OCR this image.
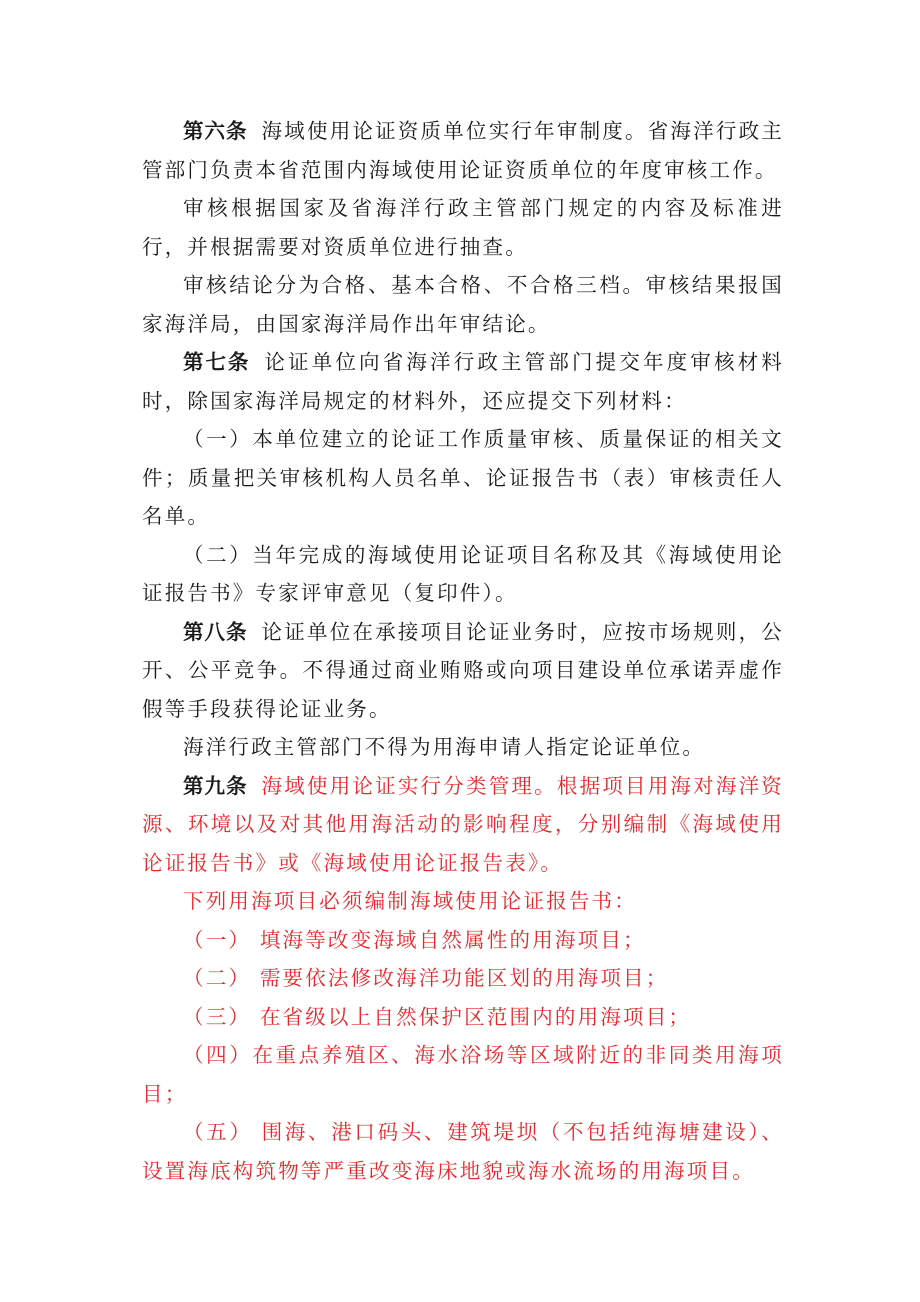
第六条 海域使用论证资质单位实行年审制度。省海洋行政主管部门负责本省范围内海域使用论证资质单位的年度审核工作。

审核根据国家及省海洋行政主管部门规定的内容及标准进行，并根据需要对资质单位进行抽查。

审核结论分为合格、基本合格、不合格三档。审核结果报国家海洋局，由国家海洋局作出年审结论。

第七条 论证单位向省海洋行政主管部门提交年度审核材料时，除国家海洋局规定的材料外，还应提交下列材料：

（一）本单位建立的论证工作质量审核、质量保证的相关文件；质量把关审核机构人员名单、论证报告书（表）审核责任人名单。

（二）当年完成的海域使用论证项目名称及其《海域使用论证报告书》专家评审意见（复印件）。

第八条 论证单位在承接项目论证业务时，应按市场规则，公开、公平竞争。不得通过商业贿赂或向项目建设单位承诺弄虚作假等手段获得论证业务。

海洋行政主管部门不得为用海申请人指定论证单位。

第九条 海域使用论证实行分类管理。根据项目用海对海洋资源、环境以及对其他用海活动的影响程度，分别编制《海域使用论证报告书》或《海域使用论证报告表》。

下列用海项目必须编制海域使用论证报告书：

（一） 填海等改变海域自然属性的用海项目；

（二） 需要依法修改海洋功能区划的用海项目；

（三） 在省级以上自然保护区范围内的用海项目；

（四）在重点养殖区、海水浴场等区域附近的非同类用海项目；

（五） 围海、港口码头、建筑堤坝（不包括纯海塘建设）、设置海底构筑物等严重改变海床地貌或海水流场的用海项目。
